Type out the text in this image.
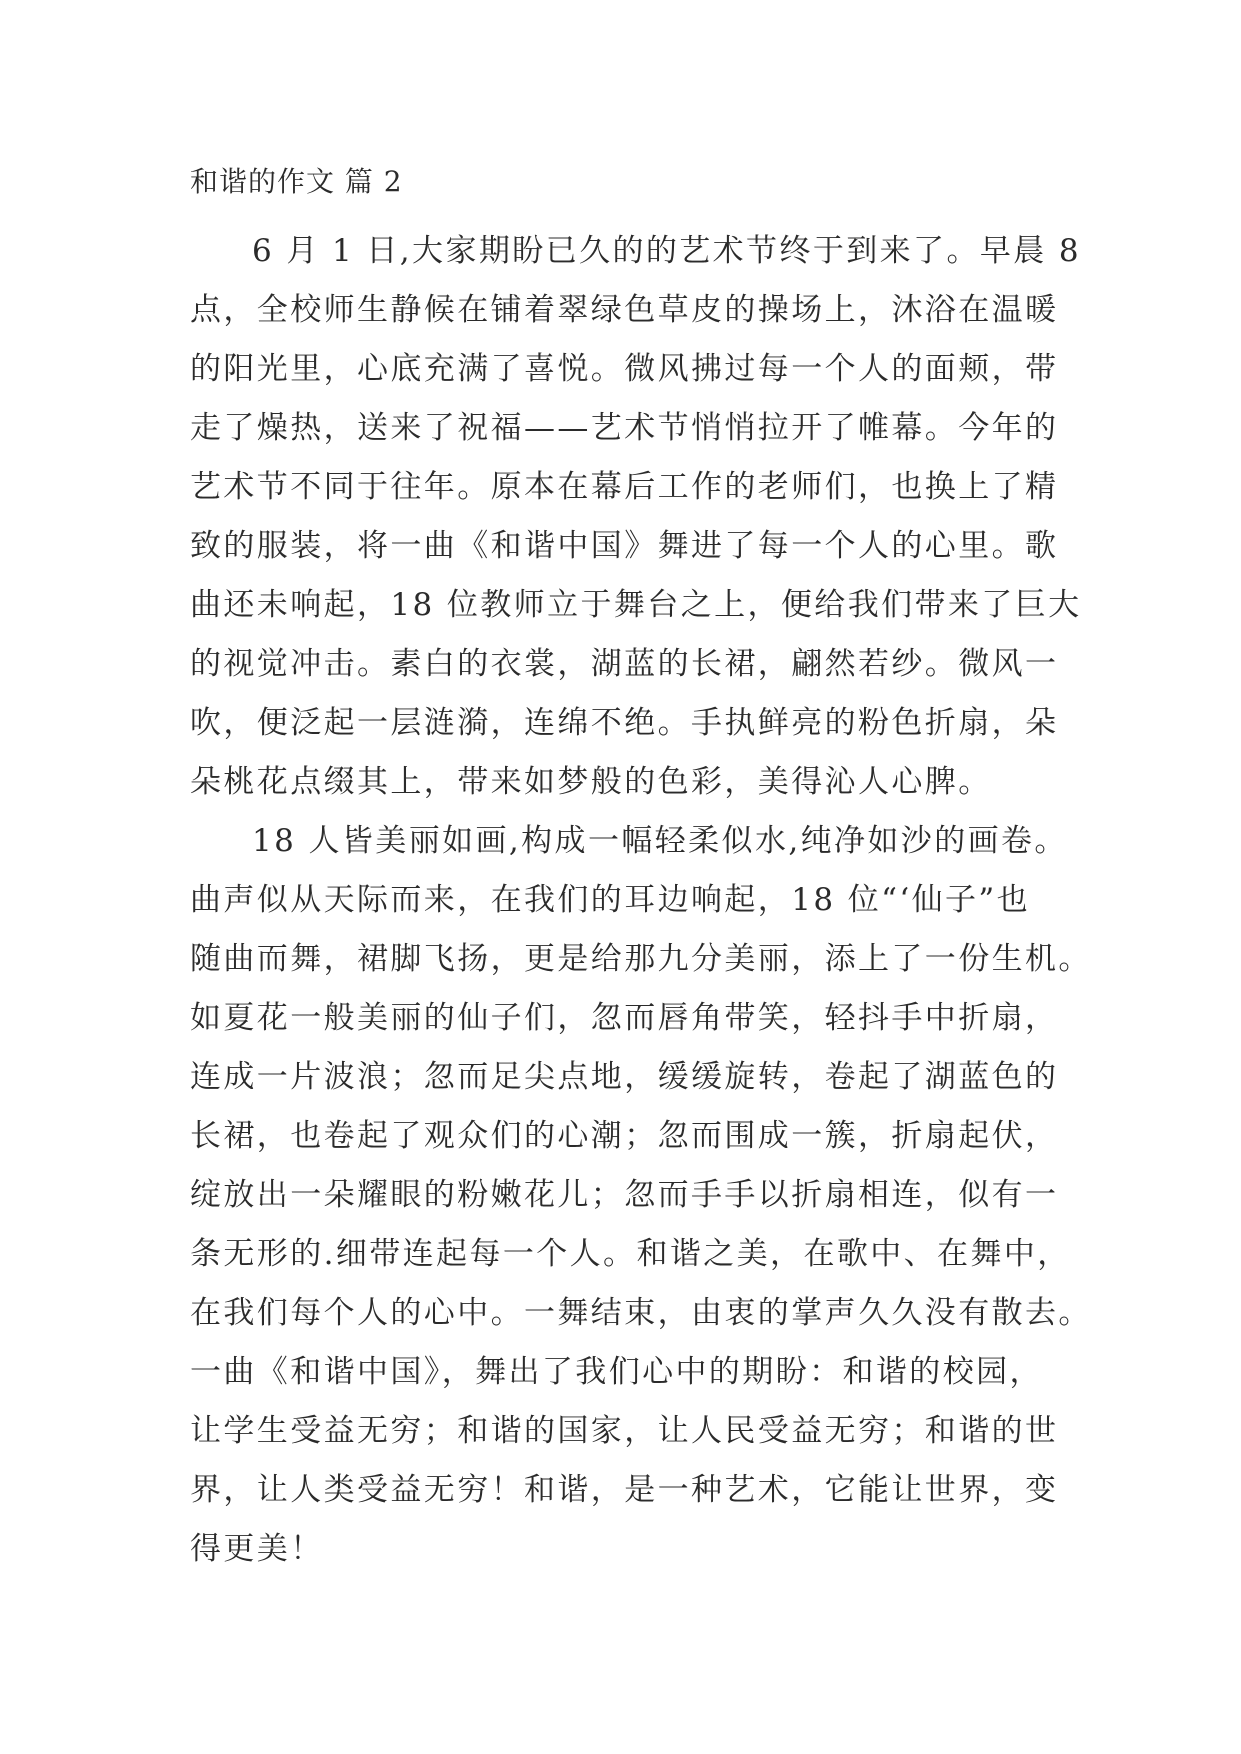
和谐的作文 篇 2
6 月 1 日,大家期盼已久的的艺术节终于到来了。早晨 8
点，全校师生静候在铺着翠绿色草皮的操场上，沐浴在温暖
的阳光里，心底充满了喜悦。微风拂过每一个人的面颊，带
走了燥热，送来了祝福——艺术节悄悄拉开了帷幕。今年的
艺术节不同于往年。原本在幕后工作的老师们，也换上了精
致的服装，将一曲《和谐中国》舞进了每一个人的心里。歌
曲还未响起，18 位教师立于舞台之上，便给我们带来了巨大
的视觉冲击。素白的衣裳，湖蓝的长裙，翩然若纱。微风一
吹，便泛起一层涟漪，连绵不绝。手执鲜亮的粉色折扇，朵
朵桃花点缀其上，带来如梦般的色彩，美得沁人心脾。
18 人皆美丽如画,构成一幅轻柔似水,纯净如沙的画卷。
曲声似从天际而来，在我们的耳边响起，18 位“‘仙子”也
随曲而舞，裙脚飞扬，更是给那九分美丽，添上了一份生机。
如夏花一般美丽的仙子们，忽而唇角带笑，轻抖手中折扇，
连成一片波浪；忽而足尖点地，缓缓旋转，卷起了湖蓝色的
长裙，也卷起了观众们的心潮；忽而围成一簇，折扇起伏，
绽放出一朵耀眼的粉嫩花儿；忽而手手以折扇相连，似有一
条无形的.细带连起每一个人。和谐之美，在歌中、在舞中，
在我们每个人的心中。一舞结束，由衷的掌声久久没有散去。
一曲《和谐中国》，舞出了我们心中的期盼：和谐的校园，
让学生受益无穷；和谐的国家，让人民受益无穷；和谐的世
界，让人类受益无穷！和谐，是一种艺术，它能让世界，变
得更美！
